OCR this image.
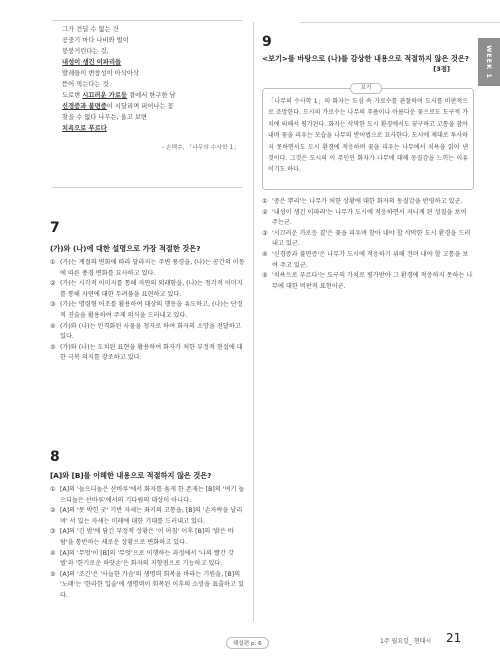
그가 견딜 수 없는 건
공중기 마다 나비와 벌이
붕붕거린다는 것,
내성이 생긴 이파리들
발레들이 변창성이 아삭아삭
뜯어 먹는다는 것
도로변 시끄러운 가로등 곁에서 한구한 남
신경증과 불면증이 시달리며 피어나는 꽃
찾을 수 없다 나무는, 울고 보면
치욕으로 푸르다
- 손택수, 「나무의 수사학 1」
7
(가)와 (나)에 대한 설명으로 가장 적절한 것은?
① (가)는 계절의 변화에 따라 달라지는 주변 풍경을, (나)는 공간의 이동에 따른 풍경 변화를 묘사하고 있다.
② (가)는 시각적 이미지를 통해 자연의 외래함을, (나)는 청각적 이미지를 통해 자연에 대한 두려움을 표현하고 있다.
③ (가)는 명령형 어조를 활용하여 대상의 행동을 유도하고, (나)는 단정적 진술을 활용하여 주제 의식을 드러내고 있다.
④ (가)와 (나)는 인격화된 사물을 청자로 하여 화자의 소망을 전달하고 있다.
⑤ (가)와 (나)는 도치된 표현을 활용하여 화자가 처한 부정적 현실에 대한 극복 의지를 강조하고 있다.
8
[A]와 [B]를 이해한 내용으로 적절하지 않은 것은?
① [A]의 '놀으디놀은 산바루'에서 화자를 움게 한 존재는 [B]의 '여기 놀으디놀은 산바루'에서의 기다림의 대상이 아니다.
② [A]의 '못 박힌 굿' 기반 자세는 좌키의 고통을, [B]의 '손자락을 날리며' 서 있는 자세는 미래에 대한 기대를 드러내고 있다.
③ [A]의 '긴 밤'에 담긴 부정적 상황은 '이 아침' 이후 [B]의 '밝은 바람'을 통반하는 새로운 상황으로 변화하고 있다.
④ [A]의 '무엇'이 [B]의 '무엇'으로 이행하는 과정에서 '나의 빨간 갓벌'과 '한기로운 하얏손'은 화자의 지향점으로 기능하고 있다.
⑤ [A]의 '조긴'은 '사늘한 가슴'의 생명력 회복을 바라는 기원을, [B]의 '노래'는 '한라한 입술'에 생명력이 회복된 이후의 소망을 표출하고 있다.
9
<보기>를 바탕으로 (나)를 감상한 내용으로 적절하지 않은 것은?
[3점]
보기
「나무의 수사학 1」의 화자는 도심 속 가로수를 관찰하며 도시를 비판적으로 조망한다. 도시의 가로수는 나무의 푸름이나 아름다운 꽃으로도 도구적 가치에 의해서 평가된다. 화자는 삭막한 도시 환경에서도 꿈구하고 고통을 참아 내며 꽃을 피우는 모습을 나무의 반어법으로 묘사한다. 도시에 제대로 투사하지 못하면서도 도시 환경에 적응하며 꽃을 피우는 나무에서 치욕을 읽어 낸 것이다. 그것은 도시의 이 주인인 화자가 나무에 대해 동질감을 느끼는 이유이기도 하다.
① '중은 뿌리'는 나무가 처한 상황에 대한 화자의 동질감을 반영하고 있군.
② '내성이 생긴 이파리'는 나무가 도시에 적응하면서 지니게 된 성질을 보여 주는군.
③ '시끄러운 가로등 곁'은 꽃을 피우며 참아 내야 할 삭막한 도시 환경을 드러내고 있군.
④ '신경증과 불면증'은 나무가 도시에 적응하기 위해 견뎌 내야 할 고통을 보여 주고 있군.
⑤ '치욕으로 푸르다'는 도구의 가치로 평가받아 그 환경에 적응하지 못하는 나무에 대한 비판적 표현이군.
WEEK 1
해설편 p. 6	1주 월요일_ 현대시 21
